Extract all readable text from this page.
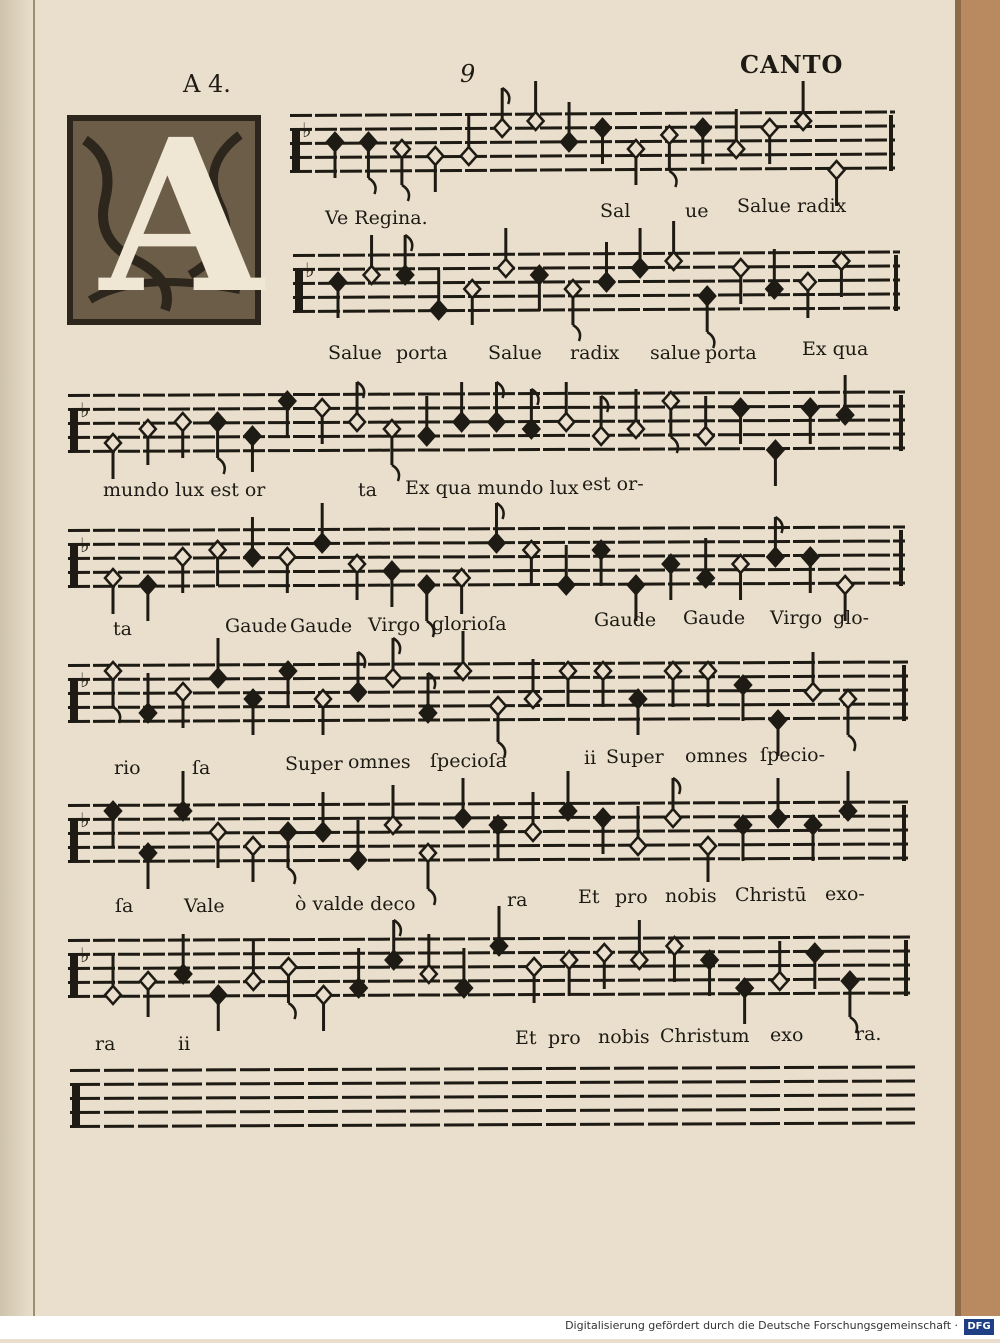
♭
♭
♭
♭
♭
♭
♭
A 4.	9	CANTO
A	Ve Regina.	Sal	ue Salue radix
Salue porta Salue radix salue porta Ex qua
mundo lux est or	ta Ex qua mundo lux est or-
ta	Gaude Gaude Virgo glorioſa	Gaude Gaude Virgo glo-
rio	ſa	Super omnes ſpecioſa	ii Super omnes ſpecio-
ſa	Vale	ò valde deco	ra	Et pro nobis Christū exo-
ra	ii	Et pro nobis Christum exo	ra.
Digitalisierung gefördert durch die Deutsche Forschungsgemeinschaft · DFG
